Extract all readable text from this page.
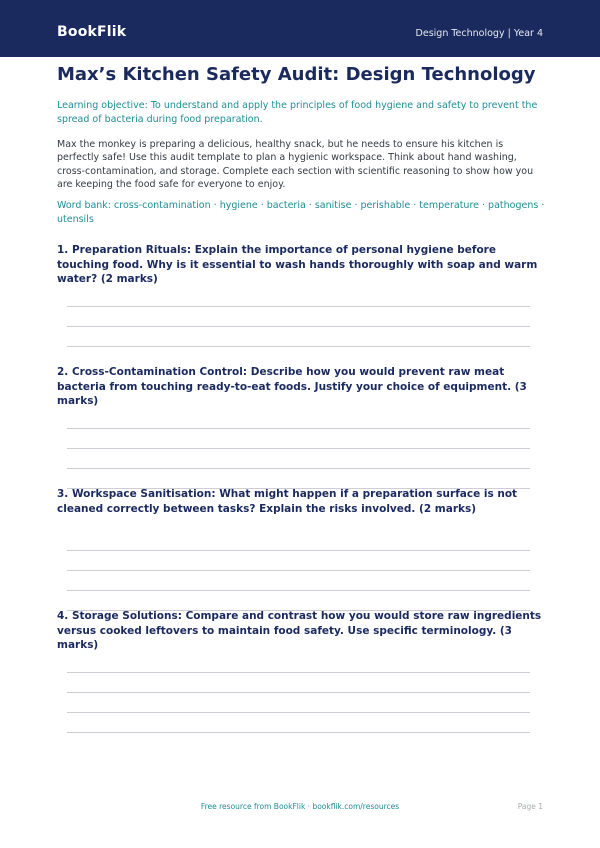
BookFlik	Design Technology | Year 4
Max’s Kitchen Safety Audit: Design Technology

Learning objective: To understand and apply the principles of food hygiene and safety to prevent the spread of bacteria during food preparation.

Max the monkey is preparing a delicious, healthy snack, but he needs to ensure his kitchen is perfectly safe! Use this audit template to plan a hygienic workspace. Think about hand washing, cross-contamination, and storage. Complete each section with scientific reasoning to show how you are keeping the food safe for everyone to enjoy.

Word bank: cross-contamination · hygiene · bacteria · sanitise · perishable · temperature · pathogens · utensils

1. Preparation Rituals: Explain the importance of personal hygiene before touching food. Why is it essential to wash hands thoroughly with soap and warm water? (2 marks)

2. Cross-Contamination Control: Describe how you would prevent raw meat bacteria from touching ready-to-eat foods. Justify your choice of equipment. (3 marks)

3. Workspace Sanitisation: What might happen if a preparation surface is not cleaned correctly between tasks? Explain the risks involved. (2 marks)

4. Storage Solutions: Compare and contrast how you would store raw ingredients versus cooked leftovers to maintain food safety. Use specific terminology. (3 marks)

Free resource from BookFlik · bookflik.com/resources	Page 1
